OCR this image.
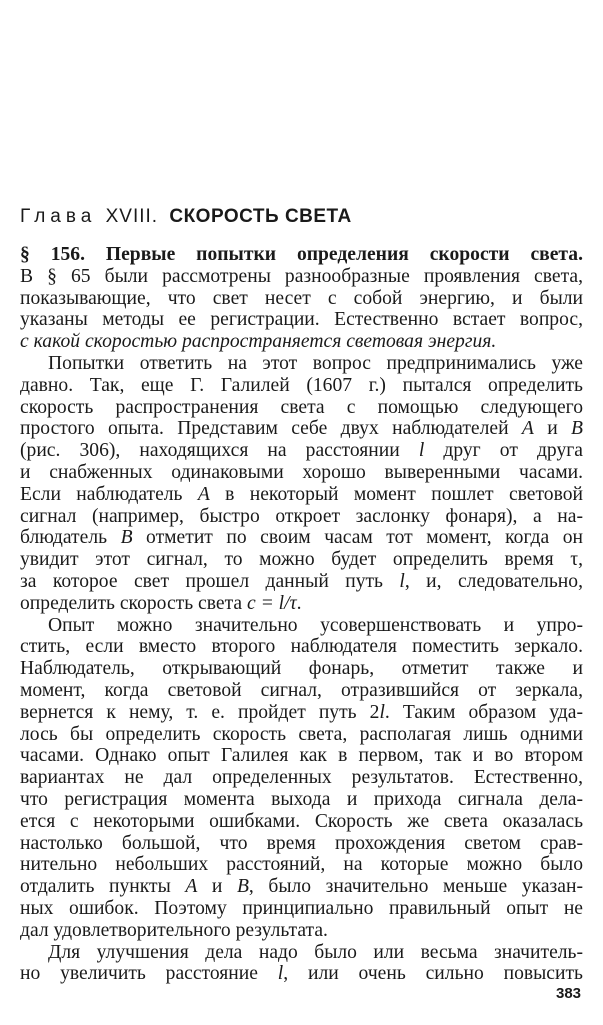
Глава XVIII. СКОРОСТЬ СВЕТА
§ 156. Первые попытки определения скорости света.
В § 65 были рассмотрены разнообразные проявления света,
показывающие, что свет несет с собой энергию, и были
указаны методы ее регистрации. Естественно встает вопрос,
с какой скоростью распространяется световая энергия.
Попытки ответить на этот вопрос предпринимались уже
давно. Так, еще Г. Галилей (1607 г.) пытался определить
скорость распространения света с помощью следующего
простого опыта. Представим себе двух наблюдателей A и B
(рис. 306), находящихся на расстоянии l друг от друга
и снабженных одинаковыми хорошо выверенными часами.
Если наблюдатель A в некоторый момент пошлет световой
сигнал (например, быстро откроет заслонку фонаря), а на-
блюдатель B отметит по своим часам тот момент, когда он
увидит этот сигнал, то можно будет определить время τ,
за которое свет прошел данный путь l, и, следовательно,
определить скорость света c = l/τ.
Опыт можно значительно усовершенствовать и упро-
стить, если вместо второго наблюдателя поместить зеркало.
Наблюдатель, открывающий фонарь, отметит также и
момент, когда световой сигнал, отразившийся от зеркала,
вернется к нему, т. е. пройдет путь 2l. Таким образом уда-
лось бы определить скорость света, располагая лишь одними
часами. Однако опыт Галилея как в первом, так и во втором
вариантах не дал определенных результатов. Естественно,
что регистрация момента выхода и прихода сигнала дела-
ется с некоторыми ошибками. Скорость же света оказалась
настолько большой, что время прохождения светом срав-
нительно небольших расстояний, на которые можно было
отдалить пункты A и B, было значительно меньше указан-
ных ошибок. Поэтому принципиально правильный опыт не
дал удовлетворительного результата.
Для улучшения дела надо было или весьма значитель-
но увеличить расстояние l, или очень сильно повысить
383
